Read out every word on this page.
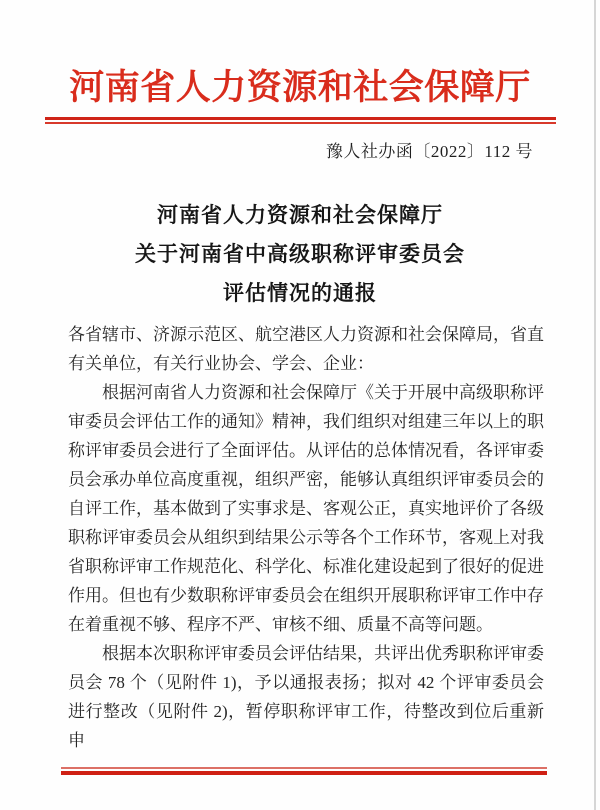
河南省人力资源和社会保障厅
豫人社办函〔2022〕112 号
河南省人力资源和社会保障厅
关于河南省中高级职称评审委员会
评估情况的通报

各省辖市、济源示范区、航空港区人力资源和社会保障局，省直有关单位，有关行业协会、学会、企业：

根据河南省人力资源和社会保障厅《关于开展中高级职称评审委员会评估工作的通知》精神，我们组织对组建三年以上的职称评审委员会进行了全面评估。从评估的总体情况看，各评审委员会承办单位高度重视，组织严密，能够认真组织评审委员会的自评工作，基本做到了实事求是、客观公正，真实地评价了各级职称评审委员会从组织到结果公示等各个工作环节，客观上对我省职称评审工作规范化、科学化、标准化建设起到了很好的促进作用。但也有少数职称评审委员会在组织开展职称评审工作中存在着重视不够、程序不严、审核不细、质量不高等问题。

根据本次职称评审委员会评估结果，共评出优秀职称评审委员会 78 个（见附件 1)，予以通报表扬；拟对 42 个评审委员会进行整改（见附件 2)，暂停职称评审工作，待整改到位后重新申
